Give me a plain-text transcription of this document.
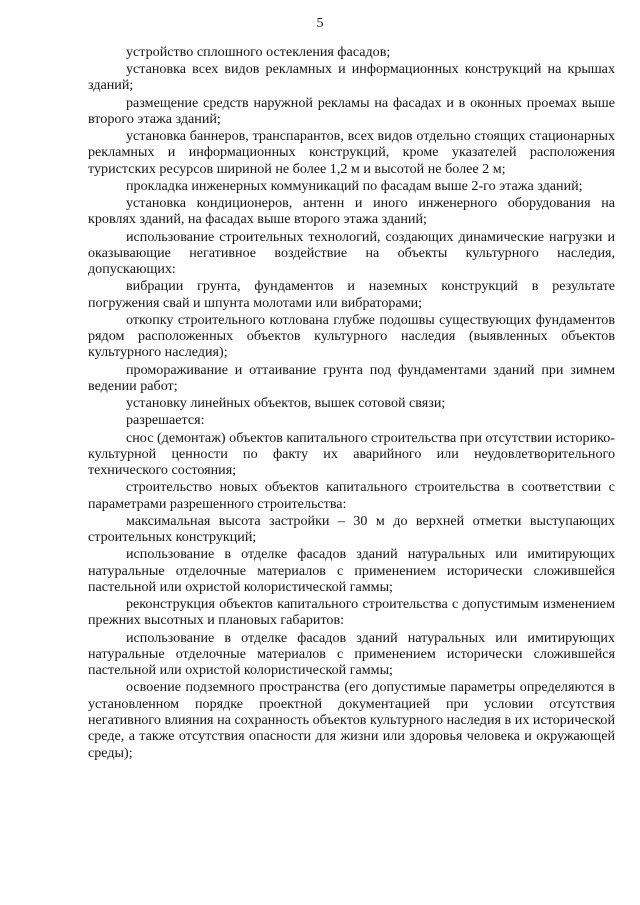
5

устройство сплошного остекления фасадов;

установка всех видов рекламных и информационных конструкций на крышах зданий;

размещение средств наружной рекламы на фасадах и в оконных проемах выше второго этажа зданий;

установка баннеров, транспарантов, всех видов отдельно стоящих стационарных рекламных и информационных конструкций, кроме указателей расположения туристских ресурсов шириной не более 1,2 м и высотой не более 2 м;

прокладка инженерных коммуникаций по фасадам выше 2-го этажа зданий;

установка кондиционеров, антенн и иного инженерного оборудования на кровлях зданий, на фасадах выше второго этажа зданий;

использование строительных технологий, создающих динамические нагрузки и оказывающие негативное воздействие на объекты культурного наследия, допускающих:

вибрации грунта, фундаментов и наземных конструкций в результате погружения свай и шпунта молотами или вибраторами;

откопку строительного котлована глубже подошвы существующих фундаментов рядом расположенных объектов культурного наследия (выявленных объектов культурного наследия);

промораживание и оттаивание грунта под фундаментами зданий при зимнем ведении работ;

установку линейных объектов, вышек сотовой связи;

разрешается:

снос (демонтаж) объектов капитального строительства при отсутствии историко-культурной ценности по факту их аварийного или неудовлетворительного технического состояния;

строительство новых объектов капитального строительства в соответствии с параметрами разрешенного строительства:

максимальная высота застройки – 30 м до верхней отметки выступающих строительных конструкций;

использование в отделке фасадов зданий натуральных или имитирующих натуральные отделочные материалов с применением исторически сложившейся пастельной или охристой колористической гаммы;

реконструкция объектов капитального строительства с допустимым изменением прежних высотных и плановых габаритов:

использование в отделке фасадов зданий натуральных или имитирующих натуральные отделочные материалов с применением исторически сложившейся пастельной или охристой колористической гаммы;

освоение подземного пространства (его допустимые параметры определяются в установленном порядке проектной документацией при условии отсутствия негативного влияния на сохранность объектов культурного наследия в их исторической среде, а также отсутствия опасности для жизни или здоровья человека и окружающей среды);
